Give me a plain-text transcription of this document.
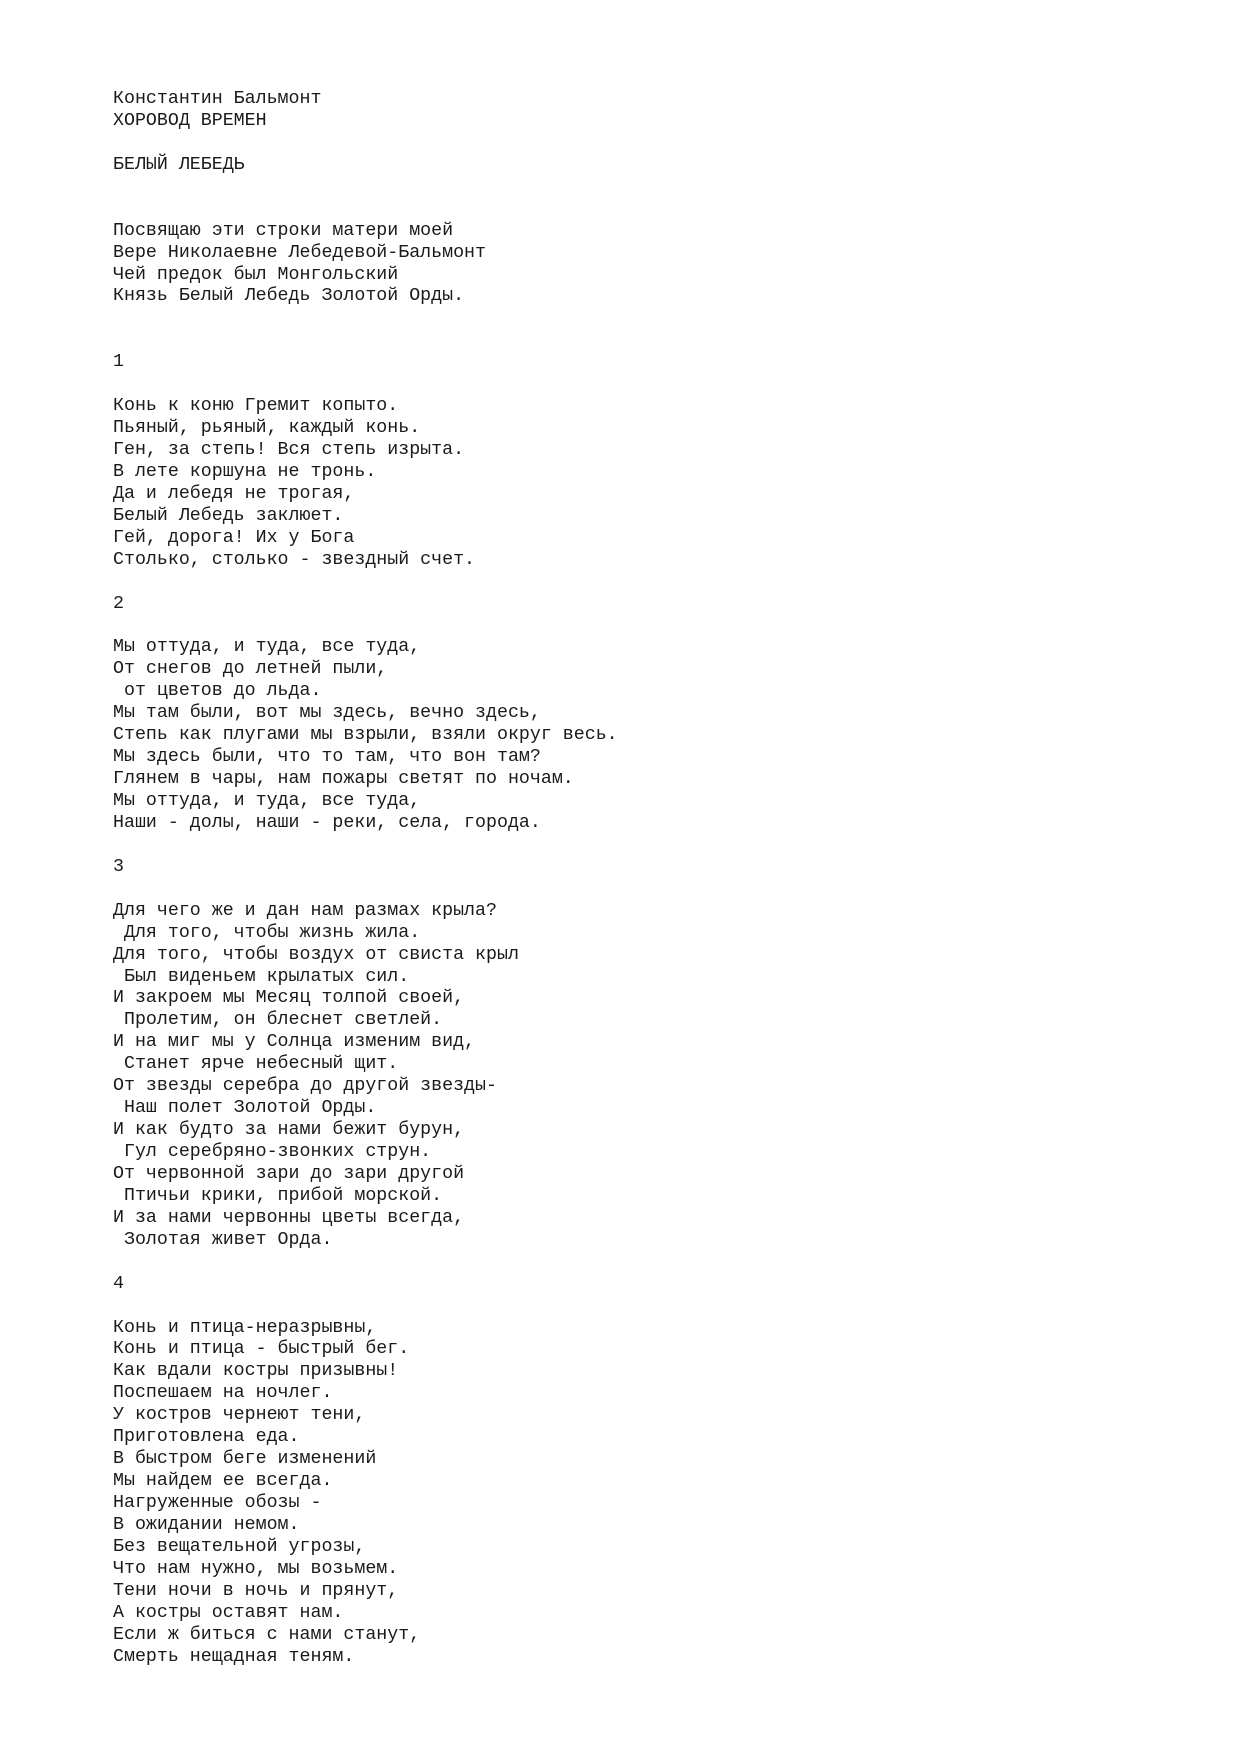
Константин Бальмонт
ХОРОВОД ВРЕМЕН
БЕЛЫЙ ЛЕБЕДЬ
Посвящаю эти строки матери моей
Вере Николаевне Лебедевой-Бальмонт
Чей предок был Монгольский
Князь Белый Лебедь Золотой Орды.
1
Конь к коню Гремит копыто.
Пьяный, рьяный, каждый конь.
Ген, за степь! Вся степь изрыта.
В лете коршуна не тронь.
Да и лебедя не трогая,
Белый Лебедь заклюет.
Гей, дорога! Их у Бога
Столько, столько - звездный счет.
2
Мы оттуда, и туда, все туда,
От снегов до летней пыли,
от цветов до льда.
Мы там были, вот мы здесь, вечно здесь,
Степь как плугами мы взрыли, взяли округ весь.
Мы здесь были, что то там, что вон там?
Глянем в чары, нам пожары светят по ночам.
Мы оттуда, и туда, все туда,
Наши - долы, наши - реки, села, города.
3
Для чего же и дан нам размах крыла?
Для того, чтобы жизнь жила.
Для того, чтобы воздух от свиста крыл
Был виденьем крылатых сил.
И закроем мы Месяц толпой своей,
Пролетим, он блеснет светлей.
И на миг мы у Солнца изменим вид,
Станет ярче небесный щит.
От звезды серебра до другой звезды-
Наш полет Золотой Орды.
И как будто за нами бежит бурун,
Гул серебряно-звонких струн.
От червонной зари до зари другой
Птичьи крики, прибой морской.
И за нами червонны цветы всегда,
Золотая живет Орда.
4
Конь и птица-неразрывны,
Конь и птица - быстрый бег.
Как вдали костры призывны!
Поспешаем на ночлег.
У костров чернеют тени,
Приготовлена еда.
В быстром беге изменений
Мы найдем ее всегда.
Нагруженные обозы -
В ожидании немом.
Без вещательной угрозы,
Что нам нужно, мы возьмем.
Тени ночи в ночь и прянут,
А костры оставят нам.
Если ж биться с нами станут,
Смерть нещадная теням.
